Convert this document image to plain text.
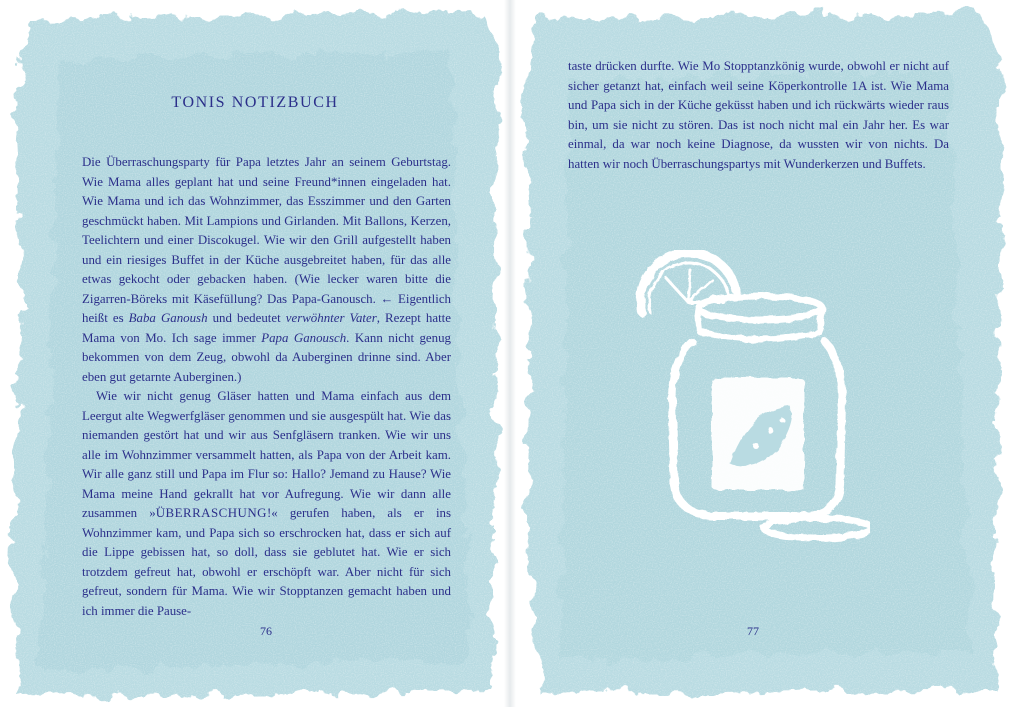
TONIS NOTIZBUCH

Die Überraschungsparty für Papa letztes Jahr an seinem Geburtstag. Wie Mama alles geplant hat und seine Freund*innen eingeladen hat. Wie Mama und ich das Wohnzimmer, das Esszimmer und den Garten geschmückt haben. Mit Lampions und Girlanden. Mit Ballons, Kerzen, Teelichtern und einer Discokugel. Wie wir den Grill aufgestellt haben und ein riesiges Buffet in der Küche ausgebreitet haben, für das alle etwas gekocht oder gebacken haben. (Wie lecker waren bitte die Zigarren-Böreks mit Käsefüllung? Das Papa-Ganousch. ← Eigentlich heißt es Baba Ganoush und bedeutet verwöhnter Vater, Rezept hatte Mama von Mo. Ich sage immer Papa Ganousch. Kann nicht genug bekommen von dem Zeug, obwohl da Auberginen drinne sind. Aber eben gut getarnte Auberginen.)

Wie wir nicht genug Gläser hatten und Mama einfach aus dem Leergut alte Wegwerfgläser genommen und sie ausgespült hat. Wie das niemanden gestört hat und wir aus Senfgläsern tranken. Wie wir uns alle im Wohnzimmer versammelt hatten, als Papa von der Arbeit kam. Wir alle ganz still und Papa im Flur so: Hallo? Jemand zu Hause? Wie Mama meine Hand gekrallt hat vor Aufregung. Wie wir dann alle zusammen »ÜBERRASCHUNG!« gerufen haben, als er ins Wohnzimmer kam, und Papa sich so erschrocken hat, dass er sich auf die Lippe gebissen hat, so doll, dass sie geblutet hat. Wie er sich trotzdem gefreut hat, obwohl er erschöpft war. Aber nicht für sich gefreut, sondern für Mama. Wie wir Stopptanzen gemacht haben und ich immer die Pause-

76

taste drücken durfte. Wie Mo Stopptanzkönig wurde, obwohl er nicht auf sicher getanzt hat, einfach weil seine Köperkontrolle 1A ist. Wie Mama und Papa sich in der Küche geküsst haben und ich rückwärts wieder raus bin, um sie nicht zu stören. Das ist noch nicht mal ein Jahr her. Es war einmal, da war noch keine Diagnose, da wussten wir von nichts. Da hatten wir noch Überraschungspartys mit Wunderkerzen und Buffets.

77
